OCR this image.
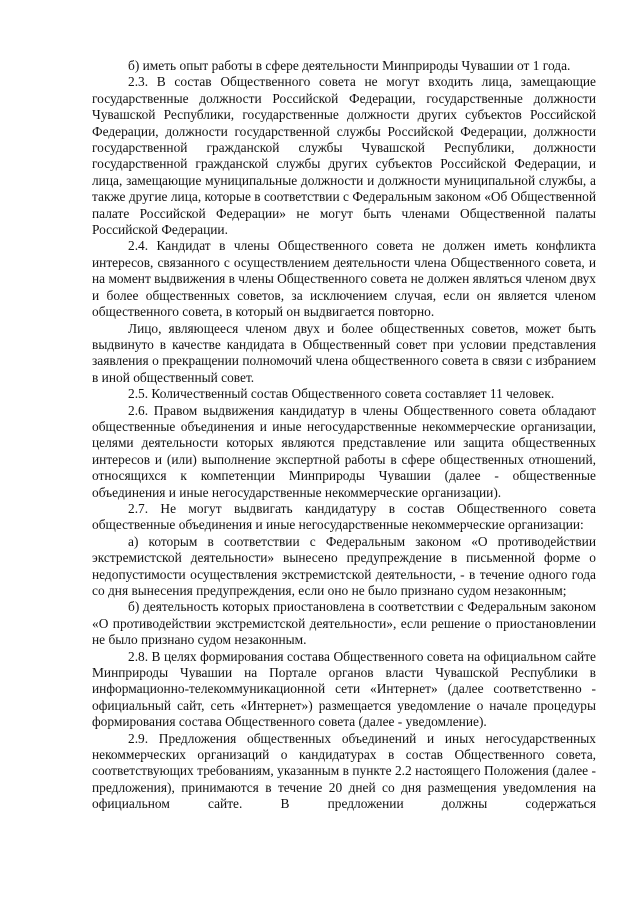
б) иметь опыт работы в сфере деятельности Минприроды Чувашии от 1 года.

2.3. В состав Общественного совета не могут входить лица, замещающие государственные должности Российской Федерации, государственные должности Чувашской Республики, государственные должности других субъектов Российской Федерации, должности государственной службы Российской Федерации, должности государственной гражданской службы Чувашской Республики, должности государственной гражданской службы других субъектов Российской Федерации, и лица, замещающие муниципальные должности и должности муниципальной службы, а также другие лица, которые в соответствии с Федеральным законом «Об Общественной палате Российской Федерации» не могут быть членами Общественной палаты Российской Федерации.

2.4. Кандидат в члены Общественного совета не должен иметь конфликта интересов, связанного с осуществлением деятельности члена Общественного совета, и на момент выдвижения в члены Общественного совета не должен являться членом двух и более общественных советов, за исключением случая, если он является членом общественного совета, в который он выдвигается повторно.

Лицо, являющееся членом двух и более общественных советов, может быть выдвинуто в качестве кандидата в Общественный совет при условии представления заявления о прекращении полномочий члена общественного совета в связи с избранием в иной общественный совет.

2.5. Количественный состав Общественного совета составляет 11 человек.

2.6. Правом выдвижения кандидатур в члены Общественного совета обладают общественные объединения и иные негосударственные некоммерческие организации, целями деятельности которых являются представление или защита общественных интересов и (или) выполнение экспертной работы в сфере общественных отношений, относящихся к компетенции Минприроды Чувашии (далее - общественные объединения и иные негосударственные некоммерческие организации).

2.7. Не могут выдвигать кандидатуру в состав Общественного совета общественные объединения и иные негосударственные некоммерческие организации:

а) которым в соответствии с Федеральным законом «О противодействии экстремистской деятельности» вынесено предупреждение в письменной форме о недопустимости осуществления экстремистской деятельности, - в течение одного года со дня вынесения предупреждения, если оно не было признано судом незаконным;

б) деятельность которых приостановлена в соответствии с Федеральным законом «О противодействии экстремистской деятельности», если решение о приостановлении не было признано судом незаконным.

2.8. В целях формирования состава Общественного совета на официальном сайте Минприроды Чувашии на Портале органов власти Чувашской Республики в информационно-телекоммуникационной сети «Интернет» (далее соответственно - официальный сайт, сеть «Интернет») размещается уведомление о начале процедуры формирования состава Общественного совета (далее - уведомление).

2.9. Предложения общественных объединений и иных негосударственных некоммерческих организаций о кандидатурах в состав Общественного совета, соответствующих требованиям, указанным в пункте 2.2 настоящего Положения (далее - предложения), принимаются в течение 20 дней со дня размещения уведомления на официальном сайте. В предложении должны содержаться
